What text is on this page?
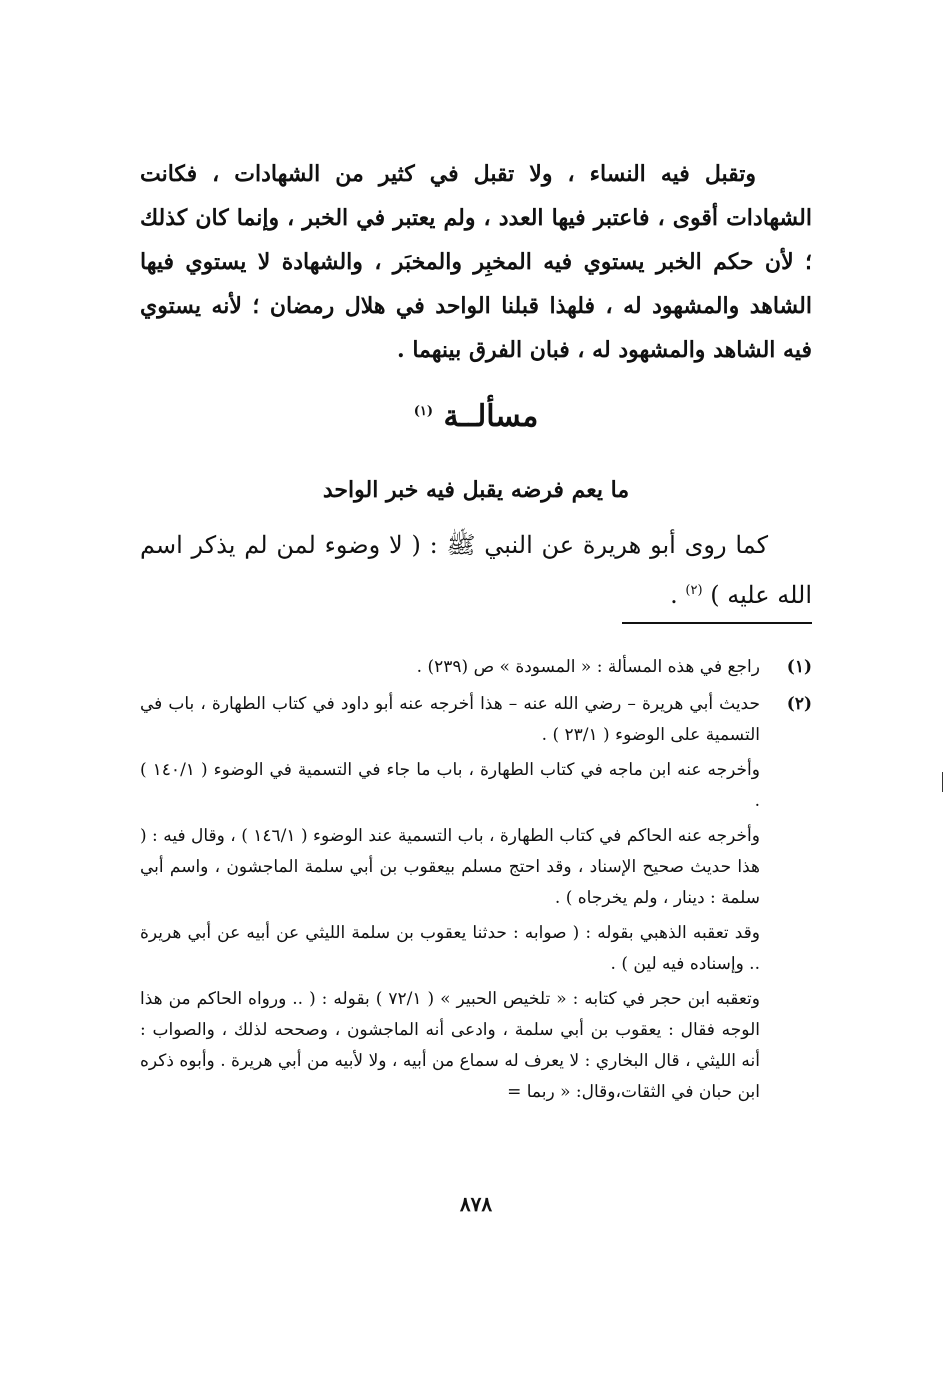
وتقبل فيه النساء ، ولا تقبل في كثير من الشهادات ، فكانت الشهادات أقوى ، فاعتبر فيها العدد ، ولم يعتبر في الخبر ، وإنما كان كذلك ؛ لأن حكم الخبر يستوي فيه المخبِر والمخبَر ، والشهادة لا يستوي فيها الشاهد والمشهود له ، فلهذا قبلنا الواحد في هلال رمضان ؛ لأنه يستوي فيه الشاهد والمشهود له ، فبان الفرق بينهما .

مسألــة $^{(١)}$
ما يعم فرضه يقبل فيه خبر الواحد

كما روى أبو هريرة عن النبي ﷺ : ( لا وضوء لمن لم يذكر اسم الله عليه ) $^{(٢)}$ .

(١)

راجع في هذه المسألة : « المسودة » ص (٢٣٩) .

(٢)

حديث أبي هريرة – رضي الله عنه – هذا أخرجه عنه أبو داود في كتاب الطهارة ، باب في التسمية على الوضوء ( ٢٣/١ ) .

وأخرجه عنه ابن ماجه في كتاب الطهارة ، باب ما جاء في التسمية في الوضوء ( ١٤٠/١ ) .

وأخرجه عنه الحاكم في كتاب الطهارة ، باب التسمية عند الوضوء ( ١٤٦/١ ) ، وقال فيه : ( هذا حديث صحيح الإسناد ، وقد احتج مسلم بيعقوب بن أبي سلمة الماجشون ، واسم أبي سلمة : دينار ، ولم يخرجاه ) .

وقد تعقبه الذهبي بقوله : ( صوابه : حدثنا يعقوب بن سلمة الليثي عن أبيه عن أبي هريرة .. وإسناده فيه لين ) .

وتعقبه ابن حجر في كتابه : « تلخيص الحبير » ( ٧٢/١ ) بقوله : ( .. ورواه الحاكم من هذا الوجه فقال : يعقوب بن أبي سلمة ، وادعى أنه الماجشون ، وصححه لذلك ، والصواب : أنه الليثي ، قال البخاري : لا يعرف له سماع من أبيه ، ولا لأبيه من أبي هريرة . وأبوه ذكره ابن حبان في الثقات،وقال: « ربما =

٨٧٨
